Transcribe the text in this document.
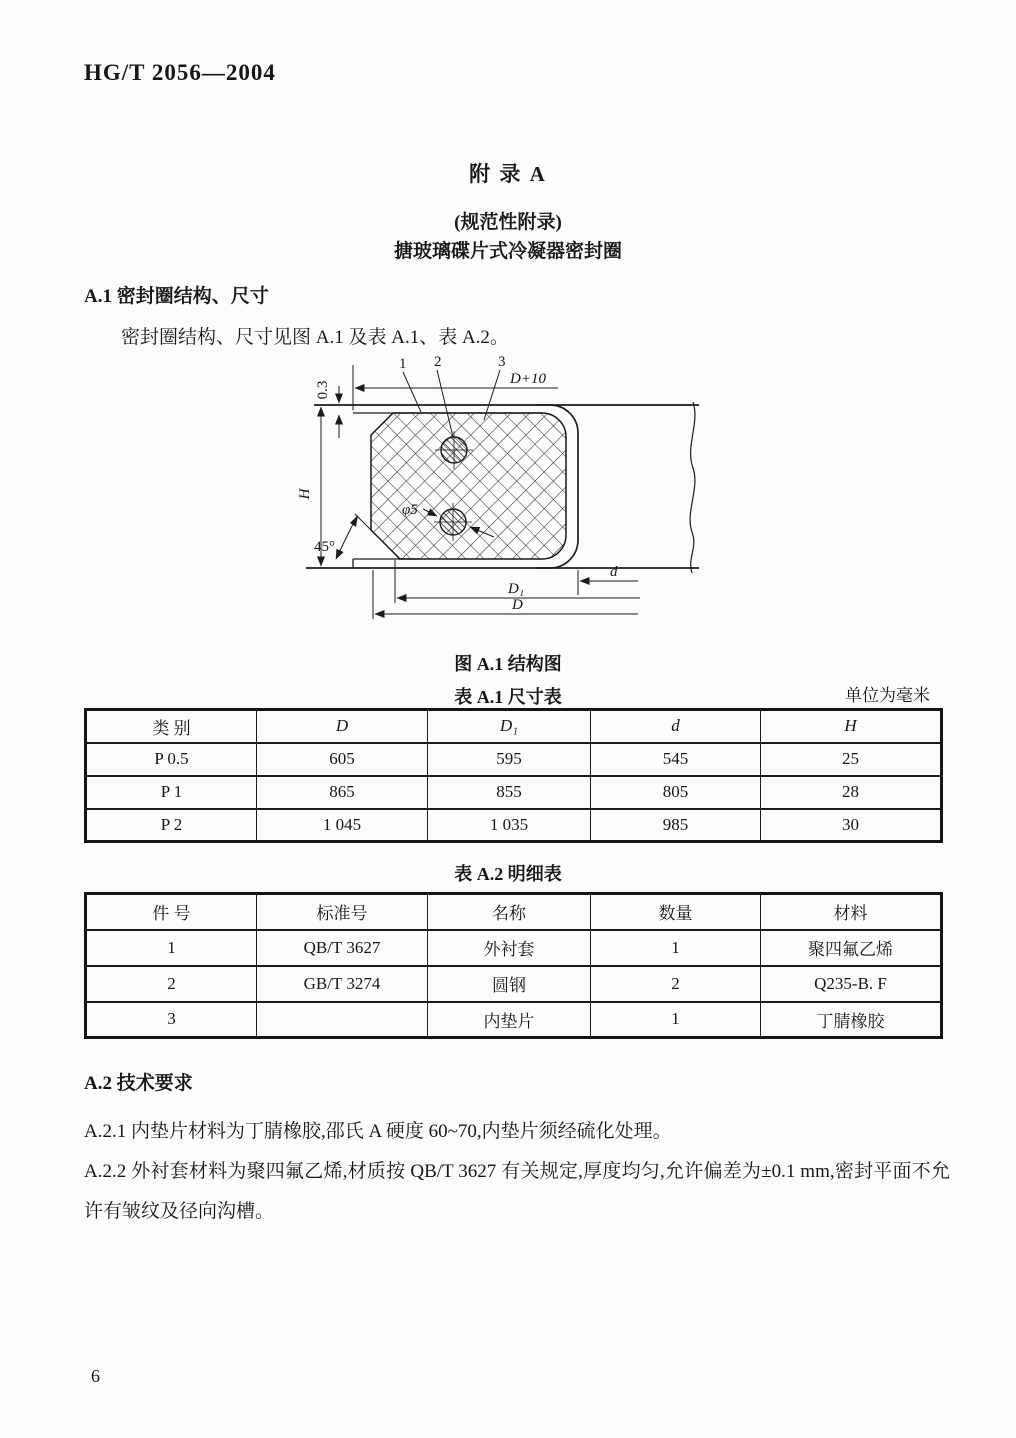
HG/T 2056—2004
附 录 A
(规范性附录)
搪玻璃碟片式冷凝器密封圈
A.1 密封圈结构、尺寸
密封圈结构、尺寸见图 A.1 及表 A.1、表 A.2。
1 2	3
D+10
0.3
H
45°
φ5
d
D₁
D
图 A.1 结构图
表 A.1 尺寸表	单位为毫米
类 别	D	D₁	d	H
P 0.5	605	595	545	25
P 1	865	855	805	28
P 2	1 045	1 035	985	30
表 A.2 明细表
件 号	标准号	名称	数量	材料
1	QB/T 3627	外衬套	1	聚四氟乙烯
2	GB/T 3274	圆钢	2	Q235-B. F
3		内垫片	1	丁腈橡胶
A.2 技术要求
A.2.1 内垫片材料为丁腈橡胶,邵氏 A 硬度 60~70,内垫片须经硫化处理。
A.2.2 外衬套材料为聚四氟乙烯,材质按 QB/T 3627 有关规定,厚度均匀,允许偏差为±0.1 mm,密封平面不允许有皱纹及径向沟槽。
6
